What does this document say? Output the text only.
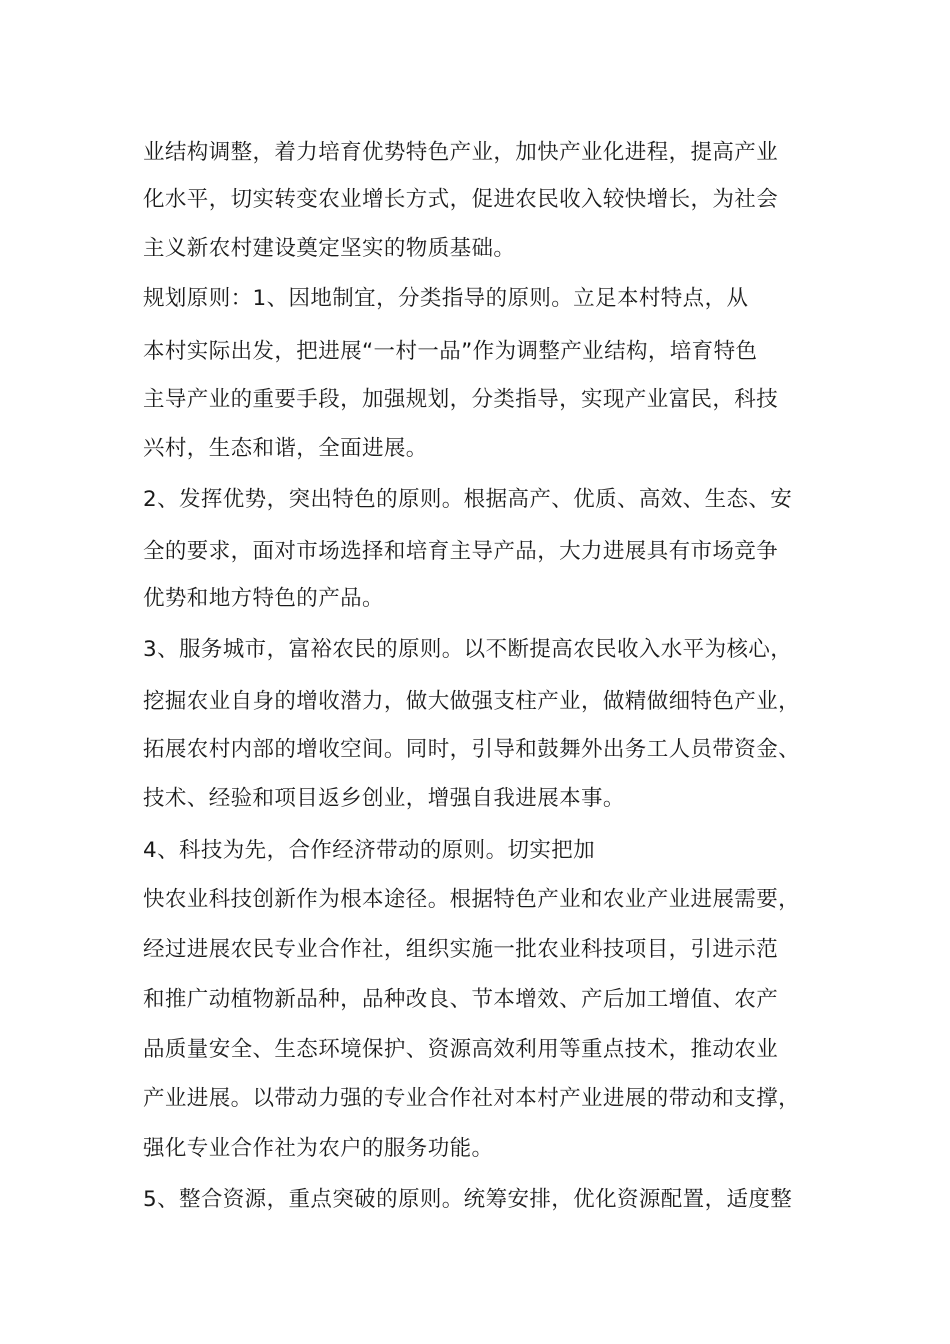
业结构调整，着力培育优势特色产业，加快产业化进程，提高产业

化水平，切实转变农业增长方式，促进农民收入较快增长，为社会

主义新农村建设奠定坚实的物质基础。

规划原则：1、因地制宜，分类指导的原则。立足本村特点，从

本村实际出发，把进展“一村一品”作为调整产业结构，培育特色

主导产业的重要手段，加强规划，分类指导，实现产业富民，科技

兴村，生态和谐，全面进展。

2、发挥优势，突出特色的原则。根据高产、优质、高效、生态、安

全的要求，面对市场选择和培育主导产品，大力进展具有市场竞争

优势和地方特色的产品。

3、服务城市，富裕农民的原则。以不断提高农民收入水平为核心，

挖掘农业自身的增收潜力，做大做强支柱产业，做精做细特色产业，

拓展农村内部的增收空间。同时，引导和鼓舞外出务工人员带资金、

技术、经验和项目返乡创业，增强自我进展本事。

4、科技为先，合作经济带动的原则。切实把加

快农业科技创新作为根本途径。根据特色产业和农业产业进展需要，

经过进展农民专业合作社，组织实施一批农业科技项目，引进示范

和推广动植物新品种，品种改良、节本增效、产后加工增值、农产

品质量安全、生态环境保护、资源高效利用等重点技术，推动农业

产业进展。以带动力强的专业合作社对本村产业进展的带动和支撑，

强化专业合作社为农户的服务功能。

5、整合资源，重点突破的原则。统筹安排，优化资源配置，适度整
